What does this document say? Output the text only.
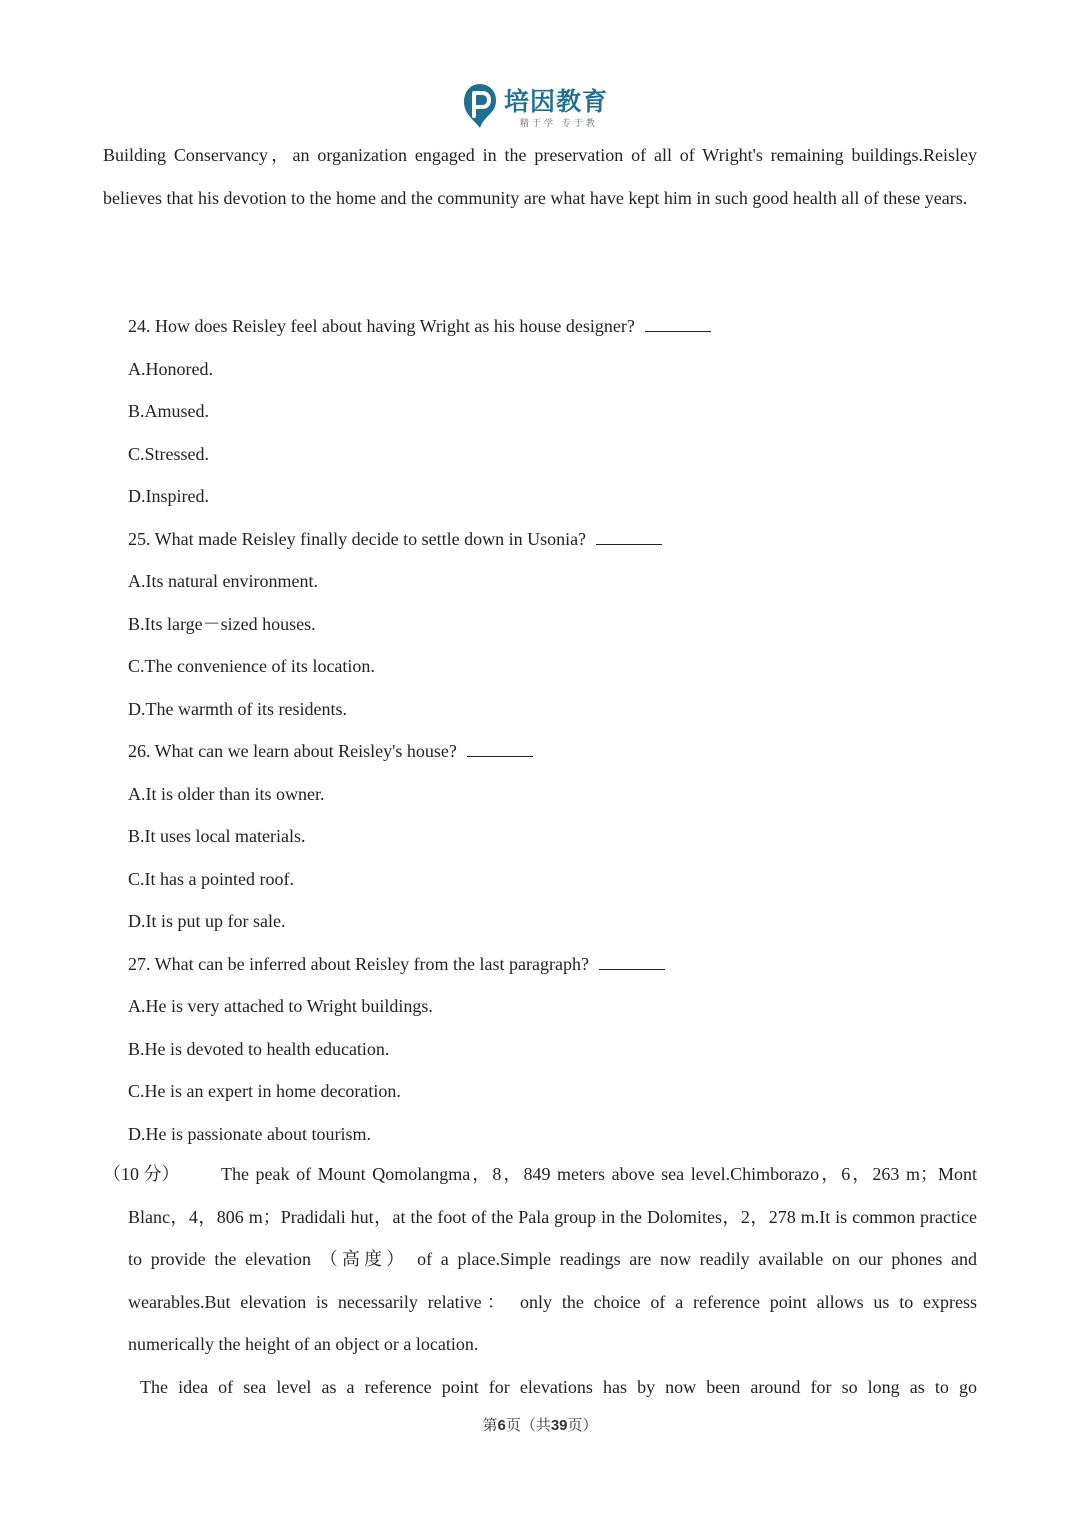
培因教育
精于学 专于教

Building Conservancy，an organization engaged in the preservation of all of Wright's remaining buildings.Reisley believes that his devotion to the home and the community are what have kept him in such good health all of these years.

24. How does Reisley feel about having Wright as his house designer?
A.Honored.
B.Amused.
C.Stressed.
D.Inspired.
25. What made Reisley finally decide to settle down in Usonia?
A.Its natural environment.
B.Its large－sized houses.
C.The convenience of its location.
D.The warmth of its residents.
26. What can we learn about Reisley's house?
A.It is older than its owner.
B.It uses local materials.
C.It has a pointed roof.
D.It is put up for sale.
27. What can be inferred about Reisley from the last paragraph?
A.He is very attached to Wright buildings.
B.He is devoted to health education.
C.He is an expert in home decoration.
D.He is passionate about tourism.
（10 分） The peak of Mount Qomolangma，8，849 meters above sea level.Chimborazo，6，263 m；Mont
Blanc，4，806 m；Pradidali hut，at the foot of the Pala group in the Dolomites，2，278 m.It is common practice
to provide the elevation （高度） of a place.Simple readings are now readily available on our phones and
wearables.But elevation is necessarily relative： only the choice of a reference point allows us to express
numerically the height of an object or a location.

The idea of sea level as a reference point for elevations has by now been around for so long as to go

第6页（共39页）
